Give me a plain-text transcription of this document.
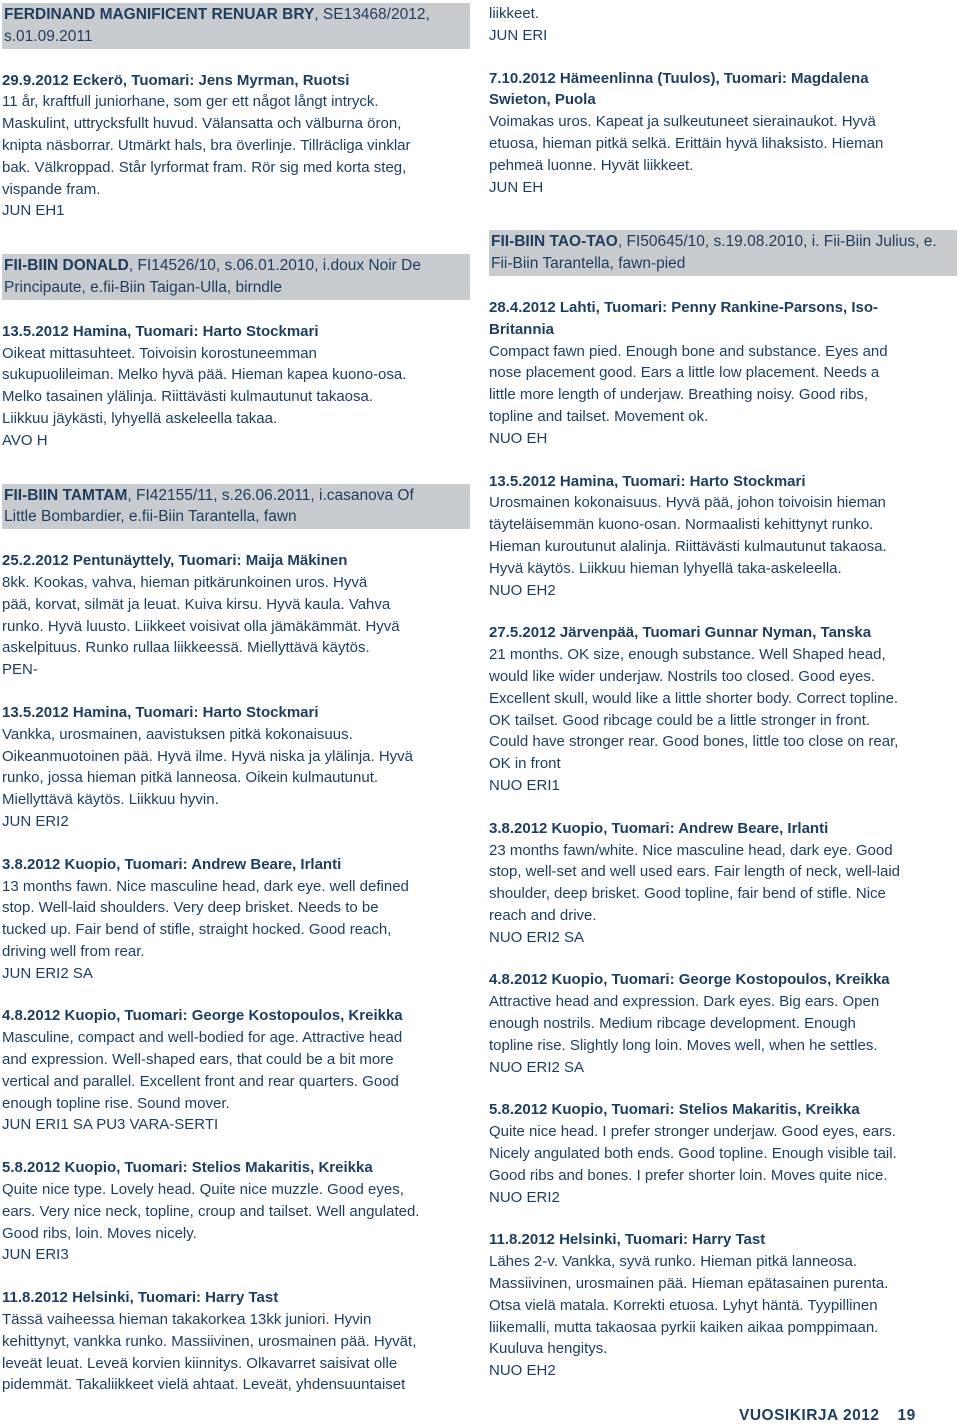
FERDINAND MAGNIFICENT RENUAR BRY, SE13468/2012,
s.01.09.2011
29.9.2012 Eckerö, Tuomari: Jens Myrman, Ruotsi
11 år, kraftfull juniorhane, som ger ett något långt intryck.
Maskulint, uttrycksfullt huvud. Välansatta och välburna öron,
knipta näsborrar. Utmärkt hals, bra överlinje. Tillräcliga vinklar
bak. Välkroppad. Står lyrformat fram. Rör sig med korta steg,
vispande fram.
JUN EH1
FII-BIIN DONALD, FI14526/10, s.06.01.2010, i.doux Noir De
Principaute, e.fii-Biin Taigan-Ulla, birndle
13.5.2012 Hamina, Tuomari: Harto Stockmari
Oikeat mittasuhteet. Toivoisin korostuneemman
sukupuolileiman. Melko hyvä pää. Hieman kapea kuono-osa.
Melko tasainen ylälinja. Riittävästi kulmautunut takaosa.
Liikkuu jäykästi, lyhyellä askeleella takaa.
AVO H
FII-BIIN TAMTAM, FI42155/11, s.26.06.2011, i.casanova Of
Little Bombardier, e.fii-Biin Tarantella, fawn
25.2.2012 Pentunäyttely, Tuomari: Maija Mäkinen
8kk. Kookas, vahva, hieman pitkärunkoinen uros. Hyvä
pää, korvat, silmät ja leuat. Kuiva kirsu. Hyvä kaula. Vahva
runko. Hyvä luusto. Liikkeet voisivat olla jämäkämmät. Hyvä
askelpituus. Runko rullaa liikkeessä. Miellyttävä käytös.
PEN-
13.5.2012 Hamina, Tuomari: Harto Stockmari
Vankka, urosmainen, aavistuksen pitkä kokonaisuus.
Oikeanmuotoinen pää. Hyvä ilme. Hyvä niska ja ylälinja. Hyvä
runko, jossa hieman pitkä lanneosa. Oikein kulmautunut.
Miellyttävä käytös. Liikkuu hyvin.
JUN ERI2
3.8.2012 Kuopio, Tuomari: Andrew Beare, Irlanti
13 months fawn. Nice masculine head, dark eye. well defined
stop. Well-laid shoulders. Very deep brisket. Needs to be
tucked up. Fair bend of stifle, straight hocked. Good reach,
driving well from rear.
JUN ERI2 SA
4.8.2012 Kuopio, Tuomari: George Kostopoulos, Kreikka
Masculine, compact and well-bodied for age. Attractive head
and expression. Well-shaped ears, that could be a bit more
vertical and parallel. Excellent front and rear quarters. Good
enough topline rise. Sound mover.
JUN ERI1 SA PU3 VARA-SERTI
5.8.2012 Kuopio, Tuomari: Stelios Makaritis, Kreikka
Quite nice type. Lovely head. Quite nice muzzle. Good eyes,
ears. Very nice neck, topline, croup and tailset. Well angulated.
Good ribs, loin. Moves nicely.
JUN ERI3
11.8.2012 Helsinki, Tuomari: Harry Tast
Tässä vaiheessa hieman takakorkea 13kk juniori. Hyvin
kehittynyt, vankka runko. Massiivinen, urosmainen pää. Hyvät,
leveät leuat. Leveä korvien kiinnitys. Olkavarret saisivat olle
pidemmät. Takaliikkeet vielä ahtaat. Leveät, yhdensuuntaiset
liikkeet.
JUN ERI
7.10.2012 Hämeenlinna (Tuulos), Tuomari: Magdalena
Swieton, Puola
Voimakas uros. Kapeat ja sulkeutuneet sierainaukot. Hyvä
etuosa, hieman pitkä selkä. Erittäin hyvä lihaksisto. Hieman
pehmeä luonne. Hyvät liikkeet.
JUN EH
FII-BIIN TAO-TAO, FI50645/10, s.19.08.2010, i. Fii-Biin Julius, e.
Fii-Biin Tarantella, fawn-pied
28.4.2012 Lahti, Tuomari: Penny Rankine-Parsons, Iso-
Britannia
Compact fawn pied. Enough bone and substance. Eyes and
nose placement good. Ears a little low placement. Needs a
little more length of underjaw. Breathing noisy. Good ribs,
topline and tailset. Movement ok.
NUO EH
13.5.2012 Hamina, Tuomari: Harto Stockmari
Urosmainen kokonaisuus. Hyvä pää, johon toivoisin hieman
täyteläisemmän kuono-osan. Normaalisti kehittynyt runko.
Hieman kuroutunut alalinja. Riittävästi kulmautunut takaosa.
Hyvä käytös. Liikkuu hieman lyhyellä taka-askeleella.
NUO EH2
27.5.2012 Järvenpää, Tuomari Gunnar Nyman, Tanska
21 months. OK size, enough substance. Well Shaped head,
would like wider underjaw. Nostrils too closed. Good eyes.
Excellent skull, would like a little shorter body. Correct topline.
OK tailset. Good ribcage could be a little stronger in front.
Could have stronger rear. Good bones, little too close on rear,
OK in front
NUO ERI1
3.8.2012 Kuopio, Tuomari: Andrew Beare, Irlanti
23 months fawn/white. Nice masculine head, dark eye. Good
stop, well-set and well used ears. Fair length of neck, well-laid
shoulder, deep brisket. Good topline, fair bend of stifle. Nice
reach and drive.
NUO ERI2 SA
4.8.2012 Kuopio, Tuomari: George Kostopoulos, Kreikka
Attractive head and expression. Dark eyes. Big ears. Open
enough nostrils. Medium ribcage development. Enough
topline rise. Slightly long loin. Moves well, when he settles.
NUO ERI2 SA
5.8.2012 Kuopio, Tuomari: Stelios Makaritis, Kreikka
Quite nice head. I prefer stronger underjaw. Good eyes, ears.
Nicely angulated both ends. Good topline. Enough visible tail.
Good ribs and bones. I prefer shorter loin. Moves quite nice.
NUO ERI2
11.8.2012 Helsinki, Tuomari: Harry Tast
Lähes 2-v. Vankka, syvä runko. Hieman pitkä lanneosa.
Massiivinen, urosmainen pää. Hieman epätasainen purenta.
Otsa vielä matala. Korrekti etuosa. Lyhyt häntä. Tyypillinen
liikemalli, mutta takaosaa pyrkii kaiken aikaa pomppimaan.
Kuuluva hengitys.
NUO EH2
VUOSIKIRJA 2012 19
